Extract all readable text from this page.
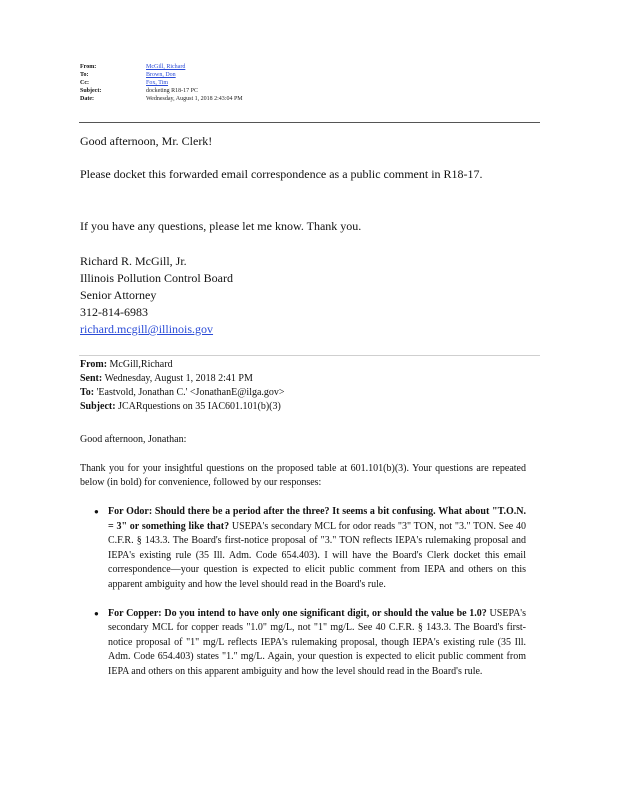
From:	McGill, Richard
To:	Brown, Don
Cc:	Fox, Tim
Subject:	docketing R18-17 PC
Date:	Wednesday, August 1, 2018 2:43:04 PM
Good afternoon, Mr. Clerk!
Please docket this forwarded email correspondence as a public comment in R18-17.
If you have any questions, please let me know. Thank you.
Richard R. McGill, Jr.
Illinois Pollution Control Board
Senior Attorney
312-814-6983
richard.mcgill@illinois.gov
From: McGill,Richard
Sent: Wednesday, August 1, 2018 2:41 PM
To: 'Eastvold, Jonathan C.' <JonathanE@ilga.gov>
Subject: JCARquestions on 35 IAC601.101(b)(3)
Good afternoon, Jonathan:
Thank you for your insightful questions on the proposed table at 601.101(b)(3). Your questions are repeated below (in bold) for convenience, followed by our responses:
● For Odor: Should there be a period after the three? It seems a bit confusing. What about "T.O.N. = 3" or something like that? USEPA's secondary MCL for odor reads "3" TON, not "3." TON. See 40 C.F.R. § 143.3. The Board's first-notice proposal of "3." TON reflects IEPA's rulemaking proposal and IEPA's existing rule (35 Ill. Adm. Code 654.403). I will have the Board's Clerk docket this email correspondence—your question is expected to elicit public comment from IEPA and others on this apparent ambiguity and how the level should read in the Board's rule.
● For Copper: Do you intend to have only one significant digit, or should the value be 1.0? USEPA's secondary MCL for copper reads "1.0" mg/L, not "1" mg/L. See 40 C.F.R. § 143.3. The Board's first-notice proposal of "1" mg/L reflects IEPA's rulemaking proposal, though IEPA's existing rule (35 Ill. Adm. Code 654.403) states "1." mg/L. Again, your question is expected to elicit public comment from IEPA and others on this apparent ambiguity and how the level should read in the Board's rule.
